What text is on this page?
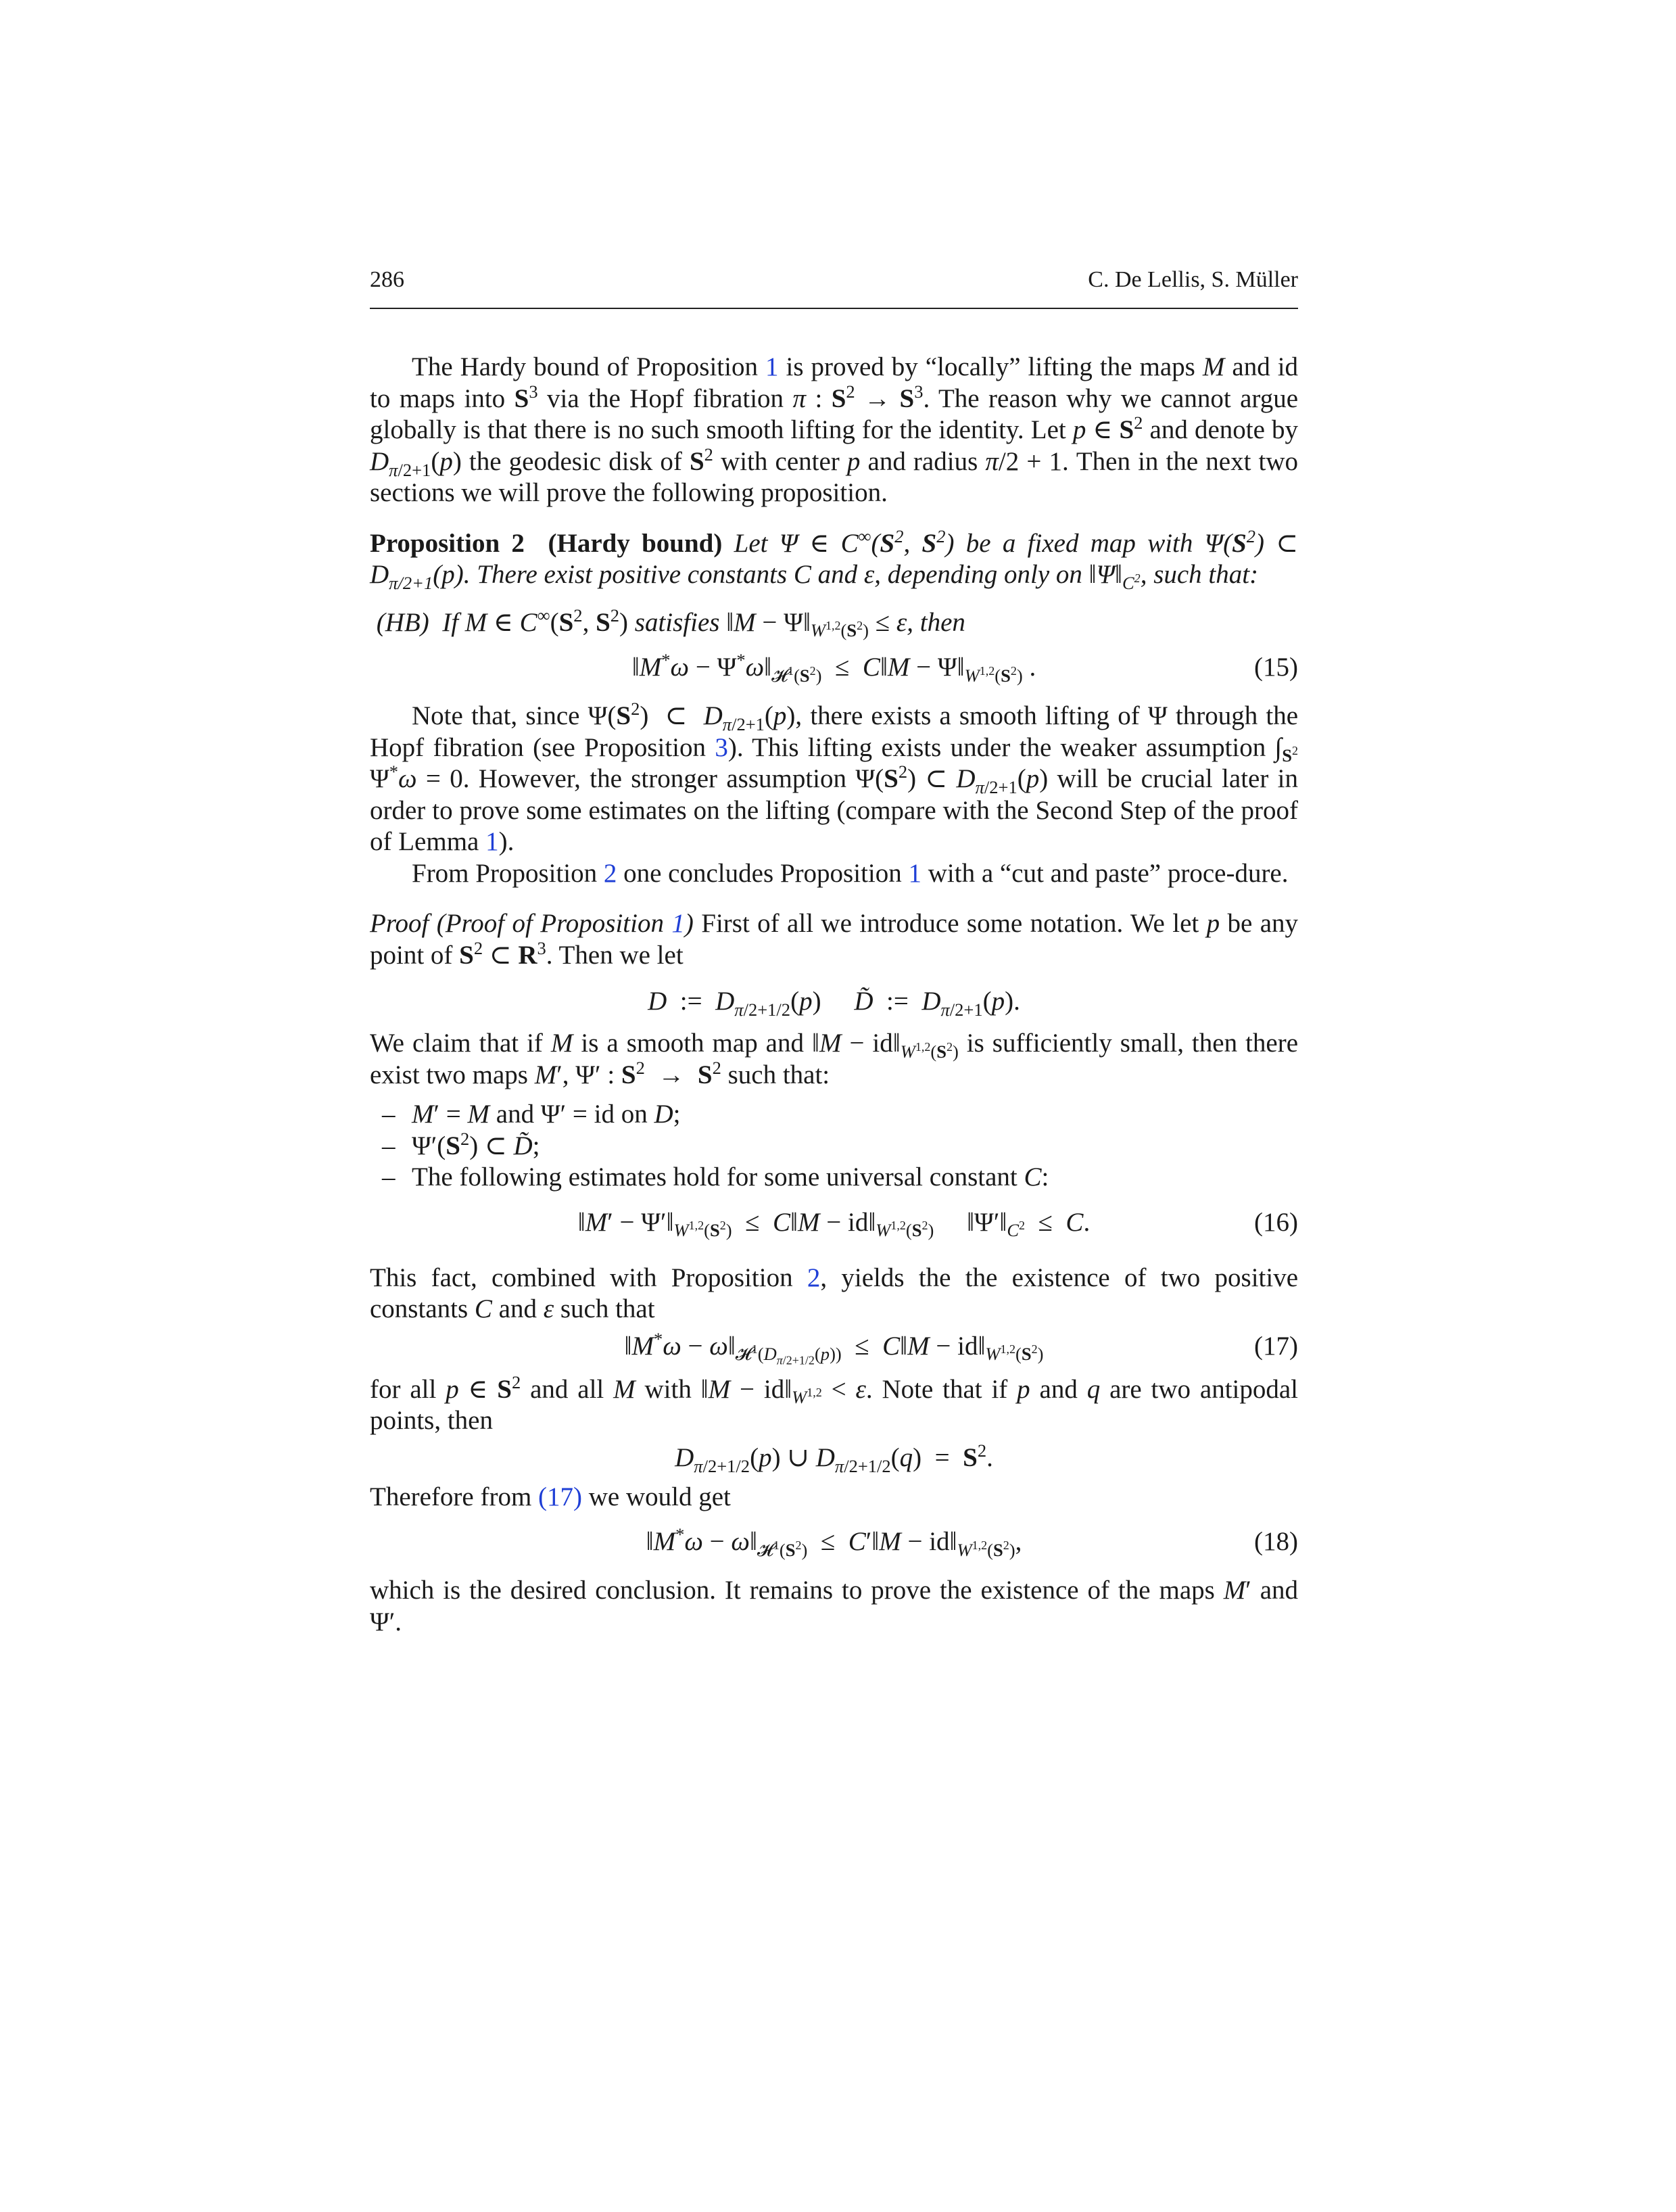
286	C. De Lellis, S. Müller

The Hardy bound of Proposition 1 is proved by “locally” lifting the maps M and id to maps into $S^3$ via the Hopf fibration π : $S^2 \to S^3$. The reason why we cannot argue globally is that there is no such smooth lifting for the identity. Let p ∈ $S^2$ and denote by $D_{\pi/2+1}(p)$ the geodesic disk of $S^2$ with center p and radius π/2 + 1. Then in the next two sections we will prove the following proposition.

Proposition 2 (Hardy bound) Let Ψ ∈ $C^\infty(S^2$, $S^2$) be a fixed map with $\Psi(S^2)$ ⊂ $D_{\pi/2+1}(p)$. There exist positive constants C and ε, depending only on $‖\Psi‖_{C^2}$, such that:

(HB) If M ∈ $C^\infty(S^2$, $S^2$) satisfies ‖M − $\Psi‖_{W^{1,2}(S^2)} \le \varepsilon$, then

‖M*ω − $\Psi^*\omega‖_{𝓗^1(S^2)}$  ≤  C‖M − $\Psi‖_{W^{1,2}(S^2)}$ .	(15)

Note that, since $\Psi(S^2)$  ⊂  $D_{\pi/2+1}(p)$, there exists a smooth lifting of Ψ through the Hopf fibration (see Proposition 3). This lifting exists under the weaker assumption $\int_{S^2}$ Ψ*ω = 0. However, the stronger assumption $\Psi(S^2)$ ⊂ $D_{\pi/2+1}(p)$ will be crucial later in order to prove some estimates on the lifting (compare with the Second Step of the proof of Lemma 1).

From Proposition 2 one concludes Proposition 1 with a “cut and paste” proce-dure.

Proof (Proof of Proposition 1) First of all we introduce some notation. We let p be any point of $S^2$ ⊂ $R^3$. Then we let

D  :=  $D_{\pi/2+1/2}(p)$     D̃  :=  $D_{\pi/2+1}(p)$.

We claim that if M is a smooth map and ‖M − $id‖_{W^{1,2}(S^2)}$ is sufficiently small, then there exist two maps M′, Ψ′ : $S^2 \to S^2$ such that:

– M′ = M and Ψ′ = id on D;
– $\Psi'(S^2)$ ⊂ D̃;
– The following estimates hold for some universal constant C:
‖M′ − $\Psi'‖_{W^{1,2}(S^2)}$  ≤  C‖M − $id‖_{W^{1,2}(S^2)}$     $‖\Psi'‖_{C^2} \le C$.	(16)

This fact, combined with Proposition 2, yields the the existence of two positive constants C and ε such that

‖M*ω − $\omega‖_{𝓗^1(D_{\pi/2+1/2}(p))}$  ≤  C‖M − $id‖_{W^{1,2}(S^2)}$	(17)

for all p ∈ $S^2$ and all M with ‖M − $id‖_{W^{1,2}} < \varepsilon$. Note that if p and q are two antipodal points, then

$D_{\pi/2+1/2}(p)$ ∪ $D_{\pi/2+1/2}(q) = S^2$.

Therefore from (17) we would get

‖M*ω − $\omega‖_{𝓗^1(S^2)}$  ≤  C′‖M − $id‖_{W^{1,2}(S^2)}$,	(18)

which is the desired conclusion. It remains to prove the existence of the maps M′ and Ψ′.
